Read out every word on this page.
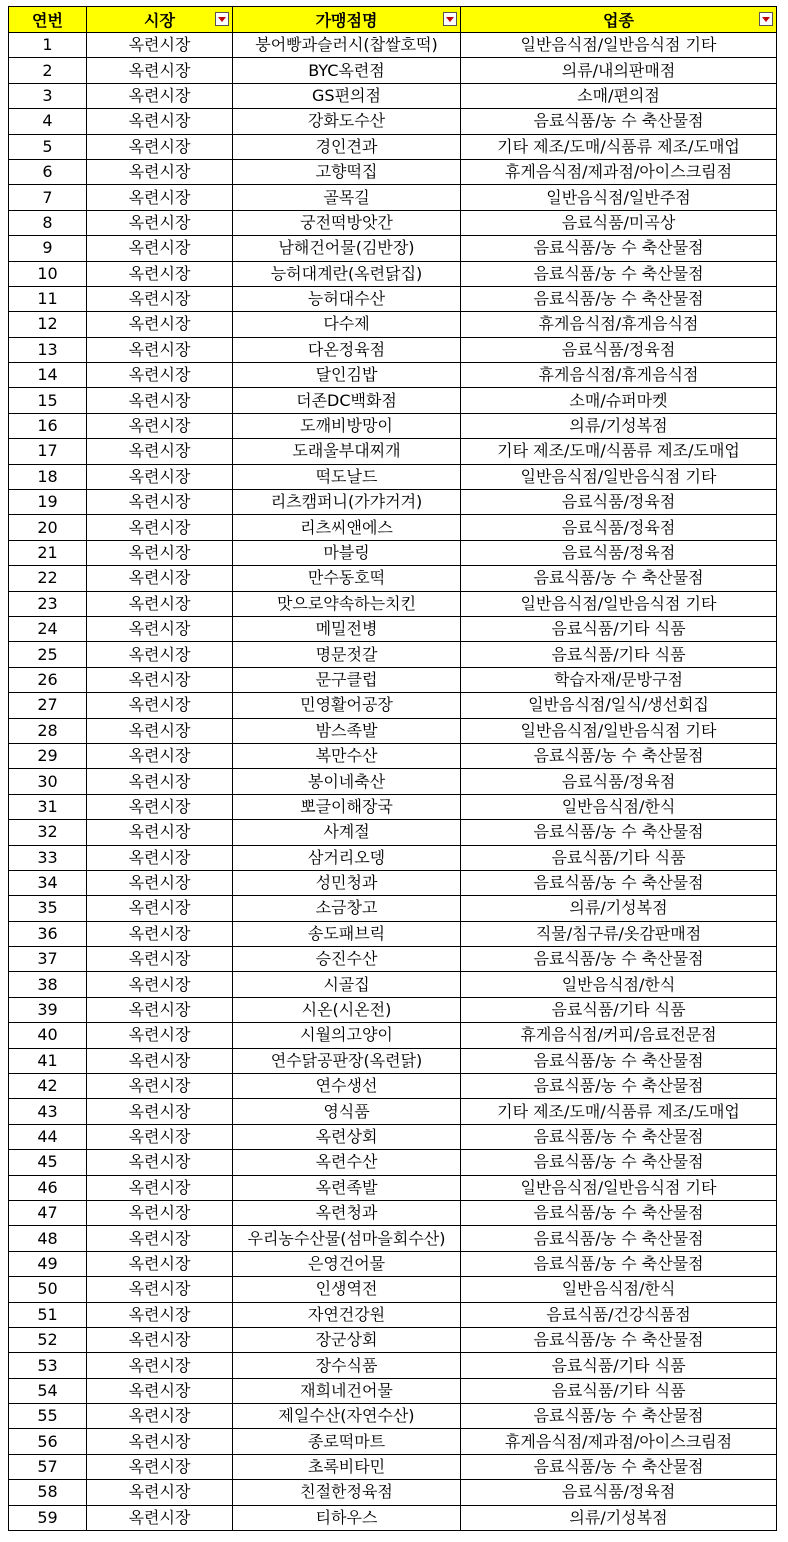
연번	시장	가맹점명	업종

1	옥련시장	붕어빵과슬러시(찹쌀호떡)	일반음식점/일반음식점 기타
2	옥련시장	BYC옥련점	의류/내의판매점
3	옥련시장	GS편의점	소매/편의점
4	옥련시장	강화도수산	음료식품/농 수 축산물점
5	옥련시장	경인견과	기타 제조/도매/식품류 제조/도매업
6	옥련시장	고향떡집	휴게음식점/제과점/아이스크림점
7	옥련시장	골목길	일반음식점/일반주점
8	옥련시장	궁전떡방앗간	음료식품/미곡상
9	옥련시장	남해건어물(김반장)	음료식품/농 수 축산물점
10	옥련시장	능허대계란(옥련닭집)	음료식품/농 수 축산물점
11	옥련시장	능허대수산	음료식품/농 수 축산물점
12	옥련시장	다수제	휴게음식점/휴게음식점
13	옥련시장	다온정육점	음료식품/정육점
14	옥련시장	달인김밥	휴게음식점/휴게음식점
15	옥련시장	더존DC백화점	소매/슈퍼마켓
16	옥련시장	도깨비방망이	의류/기성복점
17	옥련시장	도래울부대찌개	기타 제조/도매/식품류 제조/도매업
18	옥련시장	떡도날드	일반음식점/일반음식점 기타
19	옥련시장	리츠캠퍼니(가갸거겨)	음료식품/정육점
20	옥련시장	리츠씨앤에스	음료식품/정육점
21	옥련시장	마블링	음료식품/정육점
22	옥련시장	만수동호떡	음료식품/농 수 축산물점
23	옥련시장	맛으로약속하는치킨	일반음식점/일반음식점 기타
24	옥련시장	메밀전병	음료식품/기타 식품
25	옥련시장	명문젓갈	음료식품/기타 식품
26	옥련시장	문구클럽	학습자재/문방구점
27	옥련시장	민영활어공장	일반음식점/일식/생선회집
28	옥련시장	밤스족발	일반음식점/일반음식점 기타
29	옥련시장	복만수산	음료식품/농 수 축산물점
30	옥련시장	봉이네축산	음료식품/정육점
31	옥련시장	뽀글이해장국	일반음식점/한식
32	옥련시장	사계절	음료식품/농 수 축산물점
33	옥련시장	삼거리오뎅	음료식품/기타 식품
34	옥련시장	성민청과	음료식품/농 수 축산물점
35	옥련시장	소금창고	의류/기성복점
36	옥련시장	송도패브릭	직물/침구류/옷감판매점
37	옥련시장	승진수산	음료식품/농 수 축산물점
38	옥련시장	시골집	일반음식점/한식
39	옥련시장	시온(시온전)	음료식품/기타 식품
40	옥련시장	시월의고양이	휴게음식점/커피/음료전문점
41	옥련시장	연수닭공판장(옥련닭)	음료식품/농 수 축산물점
42	옥련시장	연수생선	음료식품/농 수 축산물점
43	옥련시장	영식품	기타 제조/도매/식품류 제조/도매업
44	옥련시장	옥련상회	음료식품/농 수 축산물점
45	옥련시장	옥련수산	음료식품/농 수 축산물점
46	옥련시장	옥련족발	일반음식점/일반음식점 기타
47	옥련시장	옥련청과	음료식품/농 수 축산물점
48	옥련시장	우리농수산물(섬마을회수산)	음료식품/농 수 축산물점
49	옥련시장	은영건어물	음료식품/농 수 축산물점
50	옥련시장	인생역전	일반음식점/한식
51	옥련시장	자연건강원	음료식품/건강식품점
52	옥련시장	장군상회	음료식품/농 수 축산물점
53	옥련시장	장수식품	음료식품/기타 식품
54	옥련시장	재희네건어물	음료식품/기타 식품
55	옥련시장	제일수산(자연수산)	음료식품/농 수 축산물점
56	옥련시장	종로떡마트	휴게음식점/제과점/아이스크림점
57	옥련시장	초록비타민	음료식품/농 수 축산물점
58	옥련시장	친절한정육점	음료식품/정육점
59	옥련시장	티하우스	의류/기성복점
